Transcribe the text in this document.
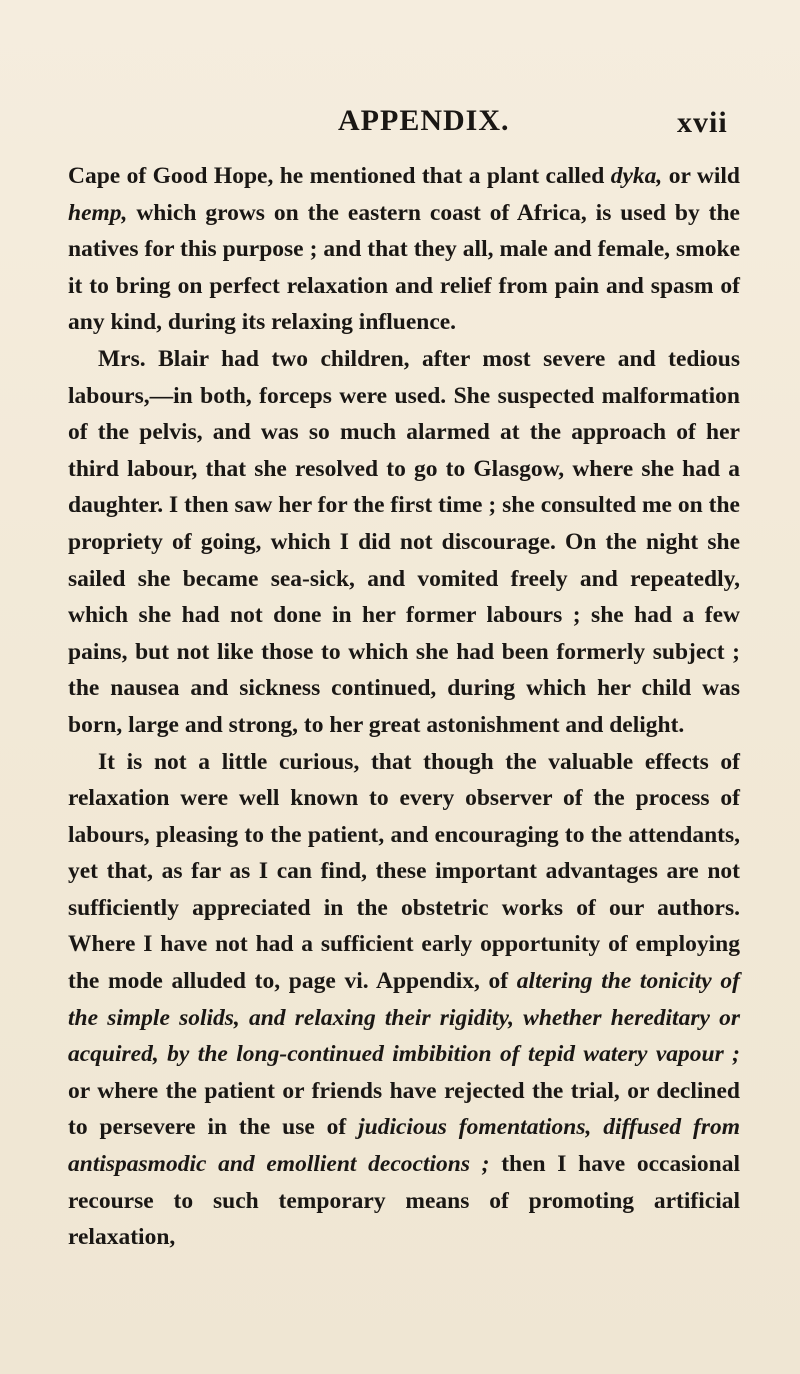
APPENDIX.	xvii

Cape of Good Hope, he mentioned that a plant called dyka, or wild hemp, which grows on the eastern coast of Africa, is used by the natives for this purpose ; and that they all, male and female, smoke it to bring on perfect relaxation and relief from pain and spasm of any kind, during its relaxing influence.

Mrs. Blair had two children, after most severe and tedious labours,—in both, forceps were used. She suspected malformation of the pelvis, and was so much alarmed at the approach of her third labour, that she resolved to go to Glasgow, where she had a daughter. I then saw her for the first time ; she consulted me on the propriety of going, which I did not discourage. On the night she sailed she became sea-sick, and vomited freely and repeatedly, which she had not done in her former labours ; she had a few pains, but not like those to which she had been formerly subject ; the nausea and sickness continued, during which her child was born, large and strong, to her great astonishment and delight.

It is not a little curious, that though the valuable effects of relaxation were well known to every observer of the process of labours, pleasing to the patient, and encouraging to the attendants, yet that, as far as I can find, these important advantages are not sufficiently appreciated in the obstetric works of our authors. Where I have not had a sufficient early opportunity of employing the mode alluded to, page vi. Appendix, of altering the tonicity of the simple solids, and relaxing their rigidity, whether hereditary or acquired, by the long-continued imbibition of tepid watery vapour ; or where the patient or friends have rejected the trial, or declined to persevere in the use of judicious fomentations, diffused from antispasmodic and emollient decoctions ; then I have occasional recourse to such temporary means of promoting artificial relaxation,
